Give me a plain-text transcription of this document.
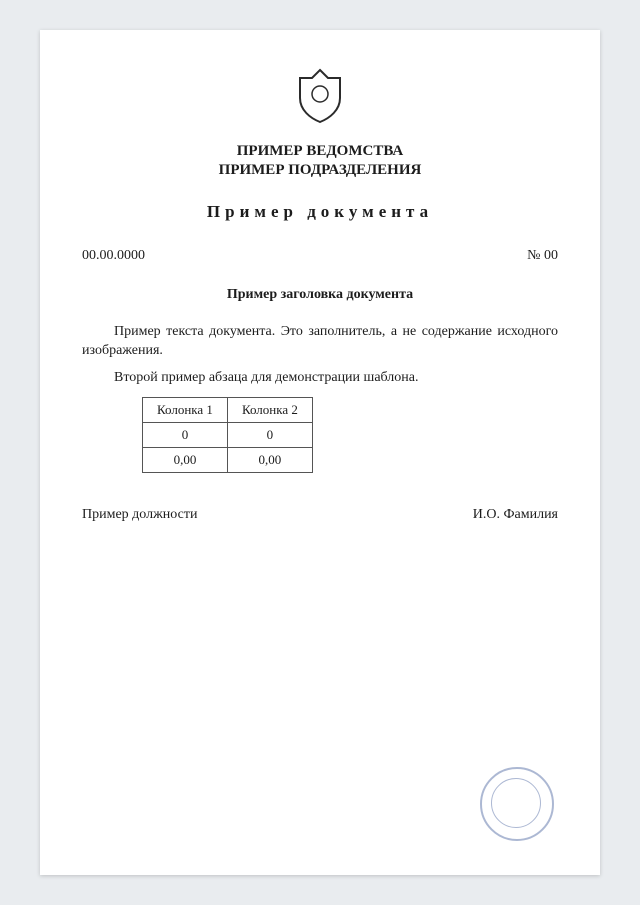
ПРИМЕР ВЕДОМСТВА
ПРИМЕР ПОДРАЗДЕЛЕНИЯ
Пример документа
00.00.0000	№ 00
Пример заголовка документа

Пример текста документа. Это заполнитель, а не содержание исходного изображения.

Второй пример абзаца для демонстрации шаблона.

Колонка 1	Колонка 2
0	0
0,00	0,00
Пример должности	И.О. Фамилия
